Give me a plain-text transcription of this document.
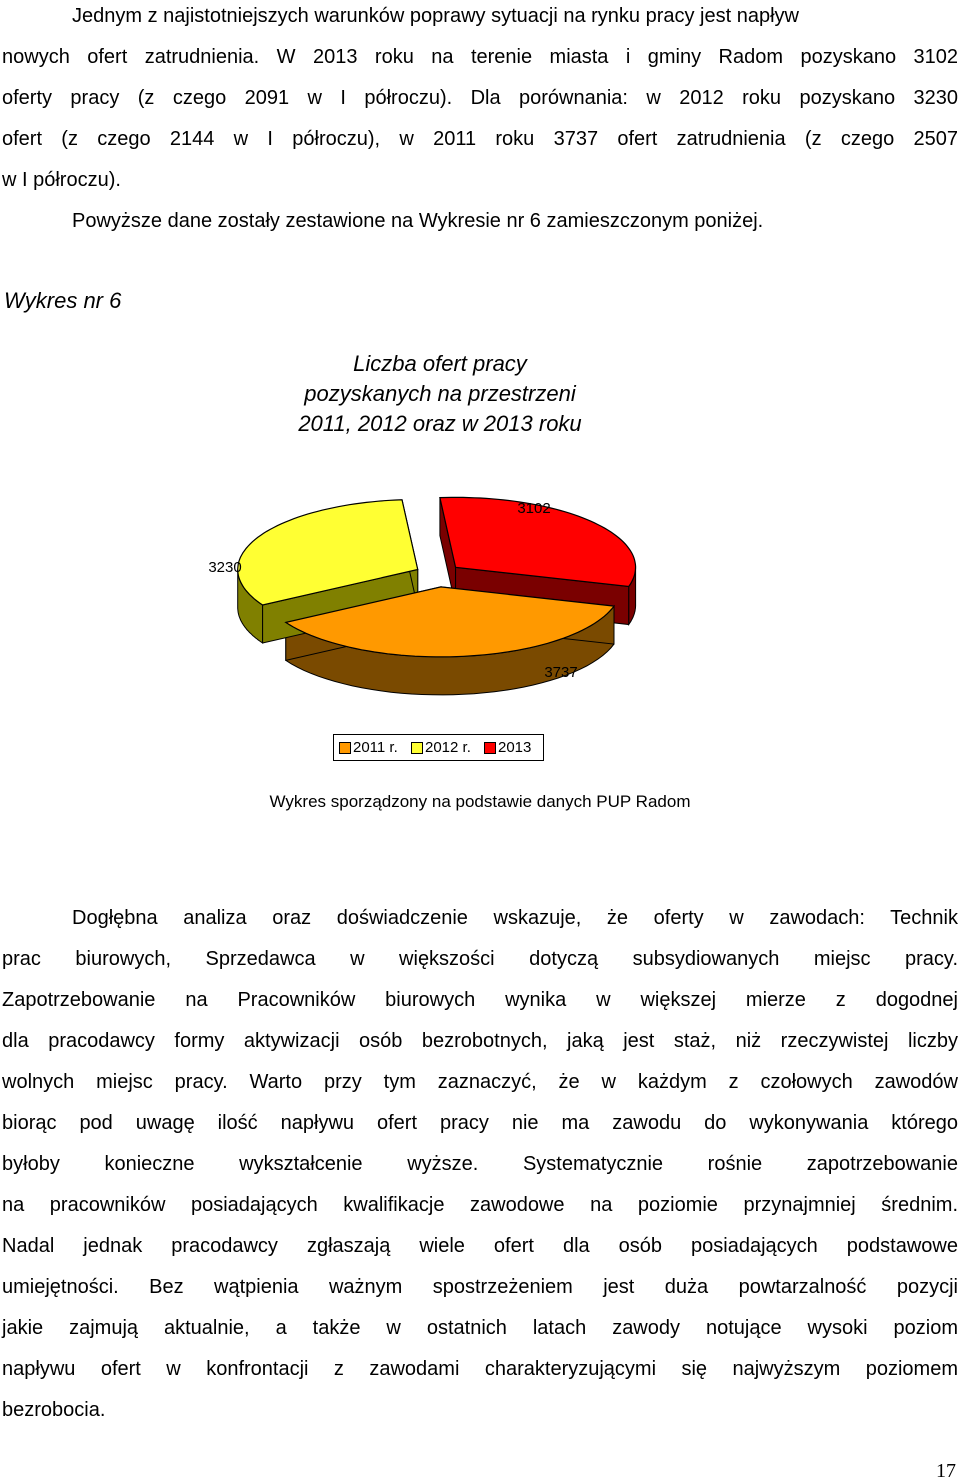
Jednym z najistotniejszych warunków poprawy sytuacji na rynku pracy jest napływ
nowych ofert zatrudnienia. W 2013 roku na terenie miasta i gminy Radom pozyskano 3102
oferty pracy (z czego 2091 w I półroczu). Dla porównania: w 2012 roku pozyskano 3230
ofert (z czego 2144 w I półroczu), w 2011 roku 3737 ofert zatrudnienia (z czego 2507
w I półroczu).
Powyższe dane zostały zestawione na Wykresie nr 6 zamieszczonym poniżej.
Wykres nr 6
Liczba ofert pracy
pozyskanych na przestrzeni
2011, 2012 oraz w 2013 roku
3737
3230
3102
2011 r. 2012 r. 2013
Wykres sporządzony na podstawie danych PUP Radom
Dogłębna analiza oraz doświadczenie wskazuje, że oferty w zawodach: Technik
prac biurowych, Sprzedawca w większości dotyczą subsydiowanych miejsc pracy.
Zapotrzebowanie na Pracowników biurowych wynika w większej mierze z dogodnej
dla pracodawcy formy aktywizacji osób bezrobotnych, jaką jest staż, niż rzeczywistej liczby
wolnych miejsc pracy. Warto przy tym zaznaczyć, że w każdym z czołowych zawodów
biorąc pod uwagę ilość napływu ofert pracy nie ma zawodu do wykonywania którego
byłoby konieczne wykształcenie wyższe. Systematycznie rośnie zapotrzebowanie
na pracowników posiadających kwalifikacje zawodowe na poziomie przynajmniej średnim.
Nadal jednak pracodawcy zgłaszają wiele ofert dla osób posiadających podstawowe
umiejętności. Bez wątpienia ważnym spostrzeżeniem jest duża powtarzalność pozycji
jakie zajmują aktualnie, a także w ostatnich latach zawody notujące wysoki poziom
napływu ofert w konfrontacji z zawodami charakteryzującymi się najwyższym poziomem
bezrobocia.
17
